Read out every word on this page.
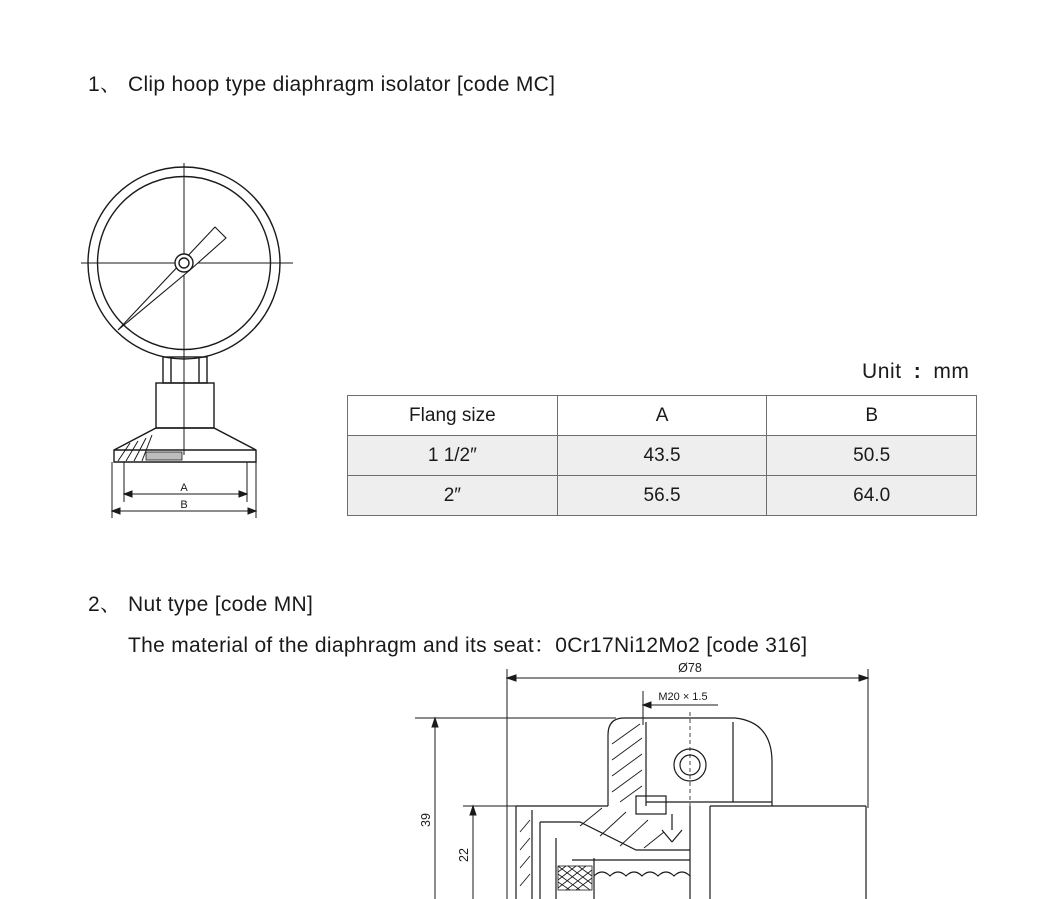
1、 Clip hoop type diaphragm isolator [code MC]
A
B
Unit : mm
Flang size	A	B
1 1/2″	43.5	50.5
2″	56.5	64.0
2、 Nut type [code MN]
The material of the diaphragm and its seat：0Cr17Ni12Mo2 [code 316]
Ø78
M20 × 1.5
39
22
